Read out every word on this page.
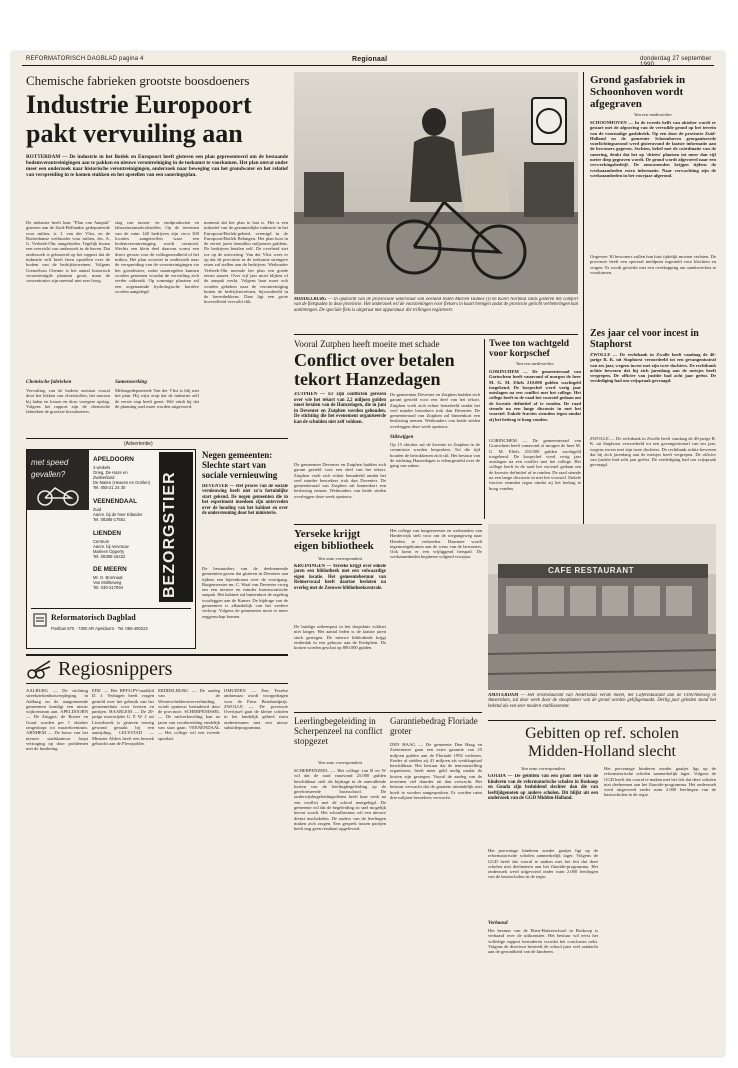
REFORMATORISCH DAGBLAD pagina 4	Regionaal	donderdag 27 september
Chemische fabrieken grootste boosdoeners
Industrie Europoort
pakt vervuiling aan
ROTTERDAM — De industrie in het Botlek en Europoort heeft gisteren een plan gepresenteerd om de bestaande bodemverontreinigingen aan te pakken en nieuwe verontreiniging in de toekomst te voorkomen. Het plan omvat onder meer een onderzoek naar historische verontreinigingen, onderzoek naar beweging van het grondwater en het relatief van verspreiding in te komen stukken en het opstellen van een saneringsplan.
De industrie heeft haar "Plan van Aanpak" gisteren aan de Zuid-Hollandse gedeputeerde voor milieu, ir. J. van der Vlist, en de Rotterdamse wethouder voor milieu, drs. A. G. Verbeek-Ohr, aangeboden. Tegelijk kwam een overzicht van onderzoek in de haven. Dat onderzoek is gebaseerd op het rapport dat de industrie zelf heeft laten opstellen over de bodem van de bedrijfsterreinen. Volgens Grenzeloos Chemie is het aantal historisch verontreinigde plaatsen groot, maar de concentraties zijn meestal niet zeer hoog.
Chemische fabrieken
Vervuiling van de bodem ontstaat vooral door het lekken van vloeistoffen, het morsen bij laden en lossen en door vroegere opslag. Volgens het rapport zijn de chemische fabrieken de grootste boosdoeners.
slag van tussen- en eindproducten en laboratoriumafvalstoffen. Op de terreinen van de ruim 140 bedrijven zijn circa 300 locaties aangetroffen waar een bodemverontreiniging wordt vermoed. Slechts een klein deel daarvan vormt een direct gevaar voor de volksgezondheid of het milieu. Het plan voorziet in onderzoek naar de verspreiding van de verontreinigingen via het grondwater, zodat maatregelen kunnen worden genomen voordat de vervuiling zich verder uitbreidt. Op sommige plaatsen zal een zogenaamde hydrologische barrière worden aangelegd.
Samenwerking
Milieugedeputeerde Van der Vlist is blij met het plan. Hij wijst erop dat de industrie zelf de eerste stap heeft gezet. Wel vindt hij dat de planning snel moet worden uitgevoerd.
moment dat het plan te laat is. Het is een initiatief van de gezamenlijke industrie in het Europoort/Botlek-gebied, verenigd in de Europoort/Botlek Belangen. Het plan kost in de eerste jaren tientallen miljoenen guldens. De bedrijven betalen zelf. De overheid ziet toe op de uitvoering. Van der Vlist wees er op dat de provincie in de toekomst strengere eisen zal stellen aan de bedrijven. Wethouder Verbeek-Ohr noemde het plan een goede eerste aanzet. Over vijf jaar moet blijken of de aanpak werkt. Volgens haar moet ook worden gekeken naar de verontreiniging buiten de bedrijfsterreinen, bijvoorbeeld in de havenbekkens. Daar ligt een grote hoeveelheid vervuild slib.	MIDDELBURG — In opdracht van de provinciale waterstaat van Zeeland testen Marien Dumoe (l) en Karel Nortmal sinds gisteren het comfort van de fietspaden in deze provincie. Het onderzoek wil de voorzieningen voor fietsers in kaart brengen zodat de provincie gericht verbeteringen kan aanbrengen. De speciale fiets is uitgerust met apparatuur die trillingen registreert.
Grond gasfabriek in Schoonhoven wordt afgegraven
Van een medewerker
SCHOONHOVEN — In de tweede helft van oktober wordt er gestart met de afgraving van de vervuilde grond op het terrein van de voormalige gasfabriek. Op een door de provincie Zuid-Holland en de gemeente Schoonhoven georganiseerde voorlichtingsavond werd gisteravond de laatste informatie aan de bewoners gegeven. Sechten, bebel met de coördinatie van de sanering, denkt dat het op 'drieën' plaatsen tot meer dan vijf meter diep gegraven wordt. De grond wordt afgevoerd naar een verwerkingsbedrijf. De omwonenden krijgen tijdens de werkzaamheden extra informatie. Naar verwachting zijn de werkzaamheden in het voorjaar afgerond.
Ongeveer 30 bewoners zullen hun huis tijdelijk moeten verlaten. De provincie heeft een speciaal meldpunt ingesteld voor klachten en vragen. Er wordt gewerkt met een overkapping om stankoverlast te voorkomen.
Vooral Zutphen heeft moeite met schade
Conflict over betalen
tekort Hanzedagen
ZUTPHEN — Er zijn conflicten gerezen over wie het tekort van 2,2 miljoen gulden moet betalen van de Hanzedagen, die in juni in Deventer en Zutphen werden gehouden. De stichting die het evenement organiseerde kan de schulden niet zelf voldoen.
De gemeenten Deventer en Zutphen hadden zich garant gesteld voor een deel van het tekort. Zutphen voelt zich echter benadeeld omdat het veel minder bezoekers trok dan Deventer. De gemeenteraad van Zutphen zal binnenkort een beslissing nemen. Wethouders van beide steden overleggen deze week opnieuw.
De gemeenten Deventer en Zutphen hadden zich garant gesteld voor een deel van het tekort. Zutphen voelt zich echter benadeeld omdat het veel minder bezoekers trok dan Deventer. De gemeenteraad van Zutphen zal binnenkort een beslissing nemen. Wethouders van beide steden overleggen deze week opnieuw.
Stilzwijgen
Op 15 oktober zal de kwestie in Zutphen in de commissie worden besproken. Tot die tijd houden de betrokkenen zich stil. Het bestuur van de stichting Hanzedagen is teleurgesteld over de gang van zaken.
Twee ton wachtgeld voor korpschef
Van een medewerker
GORINCHEM — De gemeenteraad van Gorinchem heeft vanavond of morgen de heer M. G. M. Eliels 210.000 gulden wachtgeld toegekend. De korpschef werd vorig jaar ontslagen na een conflict met het college. Het college heeft in de raad het voorstel gedaan om de kwestie definitief af te ronden. De raad stemde na een lange discussie in met het voorstel. Enkele fracties stemden tegen omdat zij het bedrag te hoog vonden.
Zes jaar cel voor incest in Staphorst
ZWOLLE — De rechtbank in Zwolle heeft vandaag de 46-jarige R. K. uit Staphorst veroordeeld tot een gevangenisstraf van zes jaar, wegens incest met zijn twee dochters. De rechtbank achtte bewezen dat hij zich jarenlang aan de meisjes heeft vergrepen. De officier van justitie had acht jaar geëist. De verdediging had om vrijspraak gevraagd.
GORINCHEM — De gemeenteraad van Gorinchem heeft vanavond of morgen de heer M. G. M. Eliels 210.000 gulden wachtgeld toegekend. De korpschef werd vorig jaar ontslagen na een conflict met het college. Het college heeft in de raad het voorstel gedaan om de kwestie definitief af te ronden. De raad stemde na een lange discussie in met het voorstel. Enkele fracties stemden tegen omdat zij het bedrag te hoog vonden.
ZWOLLE — De rechtbank in Zwolle heeft vandaag de 46-jarige R. K. uit Staphorst veroordeeld tot een gevangenisstraf van zes jaar, wegens incest met zijn twee dochters. De rechtbank achtte bewezen dat hij zich jarenlang aan de meisjes heeft vergrepen. De officier van justitie had acht jaar geëist. De verdediging had om vrijspraak gevraagd.
(Advertentie)
met speed
gevallen?
APELDOORN
3 winkels
Grieg, De Haze en
Zwitserland
De Maten (Heaven en Ooirlen)
Tel. 055-21 24 30
VEENENDAAL
Zuid
Aanm. bij de hoer Eilander
Tel. 08385-17551
LIENDEN
Centrum
Aanm. bij mevrouw
Marleen Opperty
Tel. 08385-15422
DE MEERN
Mr. G. Bronnaat
Van Moltkeweg
Tel. 030-317094 BEZORGSTIER
Reformatorisch Dagblad
Postbus 670 · 7300 AR Apeldoorn · Tel. 055-490222
Negen gemeenten: Slechte start van sociale vernieuwing
DEVENTER — Het proces van de sociale vernieuwing heeft niet zo'n fortuinlijke start gekend. De negen gemeenten die in het experiment meedoen zijn ontevreden over de houding van het kabinet en over de ondersteuning door het ministerie.
De bestuurders van de deelnemende gemeenten gaven dat gisteren in Deventer aan tijdens een bijeenkomst over de voortgang. Burgemeester mr. C. Waal van Deventer vroeg om een nieuwe en minder bureaucratische aanpak. Het kabinet zal binnenkort de regeling voorleggen aan de Kamer. De bijdrage van de gemeenten is afhankelijk van het verdere verloop. Volgens de gemeenten moet er meer zeggenschap komen.
Regiosnippers
AALBURG — De stichting streekziekenhuisverpleging in Aalburg en de aangrenzende gemeenten kondigt een nieuw wijkcentrum aan. APELDOORN — De Zuigpot, de Roeier en Graaf worden per 1 oktober omgedoopt tot muziekcentrum. ARNHEM — De bouw van het nieuwe stadskantoor loopt vertraging op door problemen met de fundering.
EDE — Het RPF/GPV-raadslid D. J. Verhagen heeft vragen gesteld over het gebruik van het gemeentehuis voor feesten en partijen. HAARLEM — De 20-jarige motorrijder G. P. W. J. uit Lisserbroek is gisteren ernstig gewond geraakt bij een aanrijding. LELYSTAD — Minister Alders heeft een bezoek gebracht aan de Flevopolder.
MIDDELBURG — De aanleg van de Westerscheldeoeververbinding wordt opnieuw bestudeerd door de provincie. SCHERPENISSEL — De ruilverkaveling kan na jaren van voorbereiding eindelijk van start gaan. VEENENDAAL — Het college wil een tweede sporthal.
IJMUIDEN — Een Texelse ambtenaar wordt voorgedragen voor de Prins Bernhardprijs. ZWOLLE — De provincie Overijssel gaat de kleine scholen in het landelijk gebied extra ondersteunen met een nieuw subsidieprogramma.
Yerseke krijgt eigen bibliotheek
Van onze correspondent
KRUININGEN — Yerseke krijgt over enkele jaren een bibliotheek met een volwaardige eigen locatie. Het gemeentebestuur van Reimerswaal heeft daartoe besloten na overleg met de Zeeuwse bibliotheekcentrale.
De huidige uitleenpost in het dorpshuis voldoet niet langer. Het aantal leden is de laatste jaren sterk gestegen. De nieuwe bibliotheek krijgt onderdak in een gebouw aan de Kerkplein. De kosten worden geschat op 800.000 gulden.
Het college van burgemeester en wethouders van Harderwijk stelt voor om de toegangsweg naar Hierden te verbreden. Daarmee wordt tegemoetgekomen aan de wens van de bewoners. Ook komt er een vrijliggend fietspad. De werkzaamheden beginnen volgend voorjaar.
CAFE RESTAURANT
AMSTERDAM — Het reisrestaurant van Nederlands eerste motel, het Caférestaurant aan de Utrechtseweg in Amsterdam, zal deze week door de sloophamer van de grond worden gelijkgemaakt. Dertig jaar geleden stond het bekend als een zeer modern etablissement.
Leerlingbegeleiding in Scherpenzeel na conflict stopgezet
Van onze correspondent
SCHERPENZEEL — Het college van B en W wil dat de raad vanavond 25.000 gulden beschikbaar stelt als bijdrage in de aanvullende kosten van de leerlingbegeleiding op de gereformeerde basisschool. De onderwijsbegeleidingsdienst heeft haar werk na een conflict met de school neergelegd. De gemeente wil dat de begeleiding zo snel mogelijk hervat wordt. Het schoolbestuur wil een nieuwe dienst inschakelen. De ouders van de leerlingen maken zich zorgen. Een gesprek tussen partijen heeft nog geen resultaat opgeleverd.
Garantiebedrag Floriade groter
DEN HAAG — De gemeente Den Haag en Zoetermeer gaan een extra garantie van 25 miljoen gulden aan de Floriade 1992 verlenen. Eerder al stelden zij 41 miljoen als werkkapitaal beschikbaar. Het bestuur dat de tentoonstelling organiseert, heeft meer geld nodig omdat de kosten zijn gestegen. Vooral de aanleg van de terreinen viel duurder uit dan verwacht. Het bestuur verwacht dat de garantie uiteindelijk niet hoeft te worden aangesproken. Er worden ruim drie miljoen bezoekers verwacht.
Gebitten op ref. scholen
Midden-Holland slecht
Van onze correspondent
GOUDA — De gebitten van een groot deel van de kinderen van de reformatorische scholen in Boskoop en Gouda zijn beduidend slechter dan die van leeftijdgenoten op andere scholen. Dit blijkt uit een onderzoek van de GGD Midden-Holland.
Het percentage kinderen zonder gaatjes ligt op de reformatorische scholen aanmerkelijk lager. Volgens de GGD heeft dat vooral te maken met het feit dat deze scholen niet deelnemen aan het fluoride-programma. Het onderzoek werd uitgevoerd onder ruim 2.000 leerlingen van de basisscholen in de regio.
Verbaasd
Het bestuur van de Eben-Haëzerschool in Boskoop is verbaasd over de uitkomsten. Het bestuur wil eerst het volledige rapport bestuderen voordat het conclusies trekt. Volgens de directeur besteedt de school juist veel aandacht aan de gezondheid van de kinderen.
Het percentage kinderen zonder gaatjes ligt op de reformatorische scholen aanmerkelijk lager. Volgens de GGD heeft dat vooral te maken met het feit dat deze scholen niet deelnemen aan het fluoride-programma. Het onderzoek werd uitgevoerd onder ruim 2.000 leerlingen van de basisscholen in de regio.
